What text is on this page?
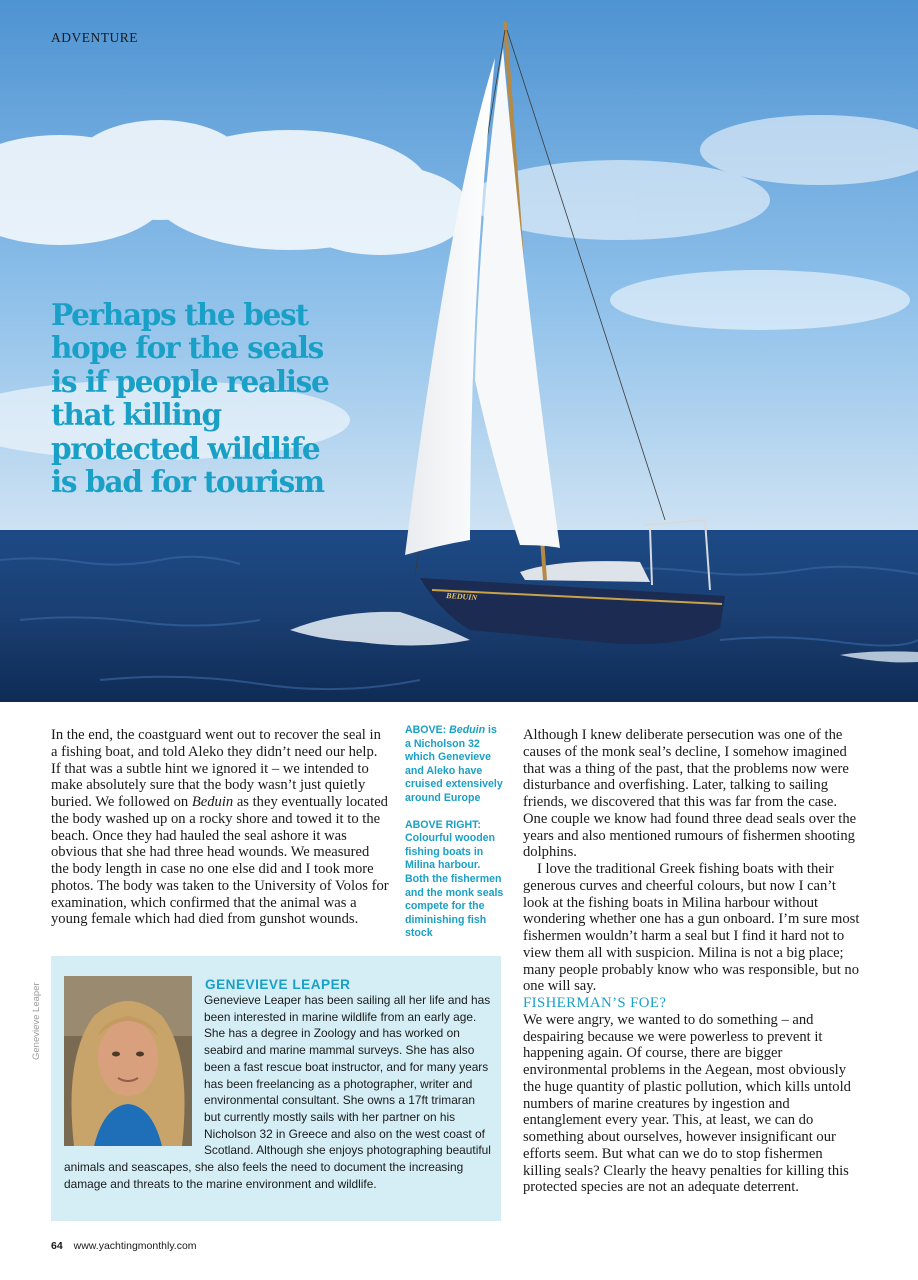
ADVENTURE
Perhaps the best
hope for the seals
is if people realise
that killing
protected wildlife
is bad for tourism
BEDUIN

In the end, the coastguard went out to recover the seal in a fishing boat, and told Aleko they didn’t need our help. If that was a subtle hint we ignored it – we intended to make absolutely sure that the body wasn’t just quietly buried. We followed on Beduin as they eventually located the body washed up on a rocky shore and towed it to the beach. Once they had hauled the seal ashore it was obvious that she had three head wounds. We measured the body length in case no one else did and I took more photos. The body was taken to the University of Volos for examination, which confirmed that the animal was a young female which had died from gunshot wounds.

ABOVE: Beduin is a Nicholson 32 which Genevieve and Aleko have cruised extensively around Europe
ABOVE RIGHT: Colourful wooden fishing boats in Milina harbour. Both the fishermen and the monk seals compete for the diminishing fish stock

Although I knew deliberate persecution was one of the causes of the monk seal’s decline, I somehow imagined that was a thing of the past, that the problems now were disturbance and overfishing. Later, talking to sailing friends, we discovered that this was far from the case. One couple we know had found three dead seals over the years and also mentioned rumours of fishermen shooting dolphins.

I love the traditional Greek fishing boats with their generous curves and cheerful colours, but now I can’t look at the fishing boats in Milina harbour without wondering whether one has a gun onboard. I’m sure most fishermen wouldn’t harm a seal but I find it hard not to view them all with suspicion. Milina is not a big place; many people probably know who was responsible, but no one will say.

FISHERMAN’S FOE?

We were angry, we wanted to do something – and despairing because we were powerless to prevent it happening again. Of course, there are bigger environmental problems in the Aegean, most obviously the huge quantity of plastic pollution, which kills untold numbers of marine creatures by ingestion and entanglement every year. This, at least, we can do something about ourselves, however insignificant our efforts seem. But what can we do to stop fishermen killing seals? Clearly the heavy penalties for killing this protected species are not an adequate deterrent.

Genevieve Leaper	GENEVIEVE LEAPER
Genevieve Leaper has been sailing all her life and has been interested in marine wildlife from an early age. She has a degree in Zoology and has worked on seabird and marine mammal surveys. She has also been a fast rescue boat instructor, and for many years has been freelancing as a photographer, writer and environmental consultant. She owns a 17ft trimaran but currently mostly sails with her partner on his Nicholson 32 in Greece and also on the west coast of Scotland. Although she enjoys photographing beautiful animals and seascapes, she also feels the need to document the increasing damage and threats to the marine environment and wildlife.
64 www.yachtingmonthly.com
